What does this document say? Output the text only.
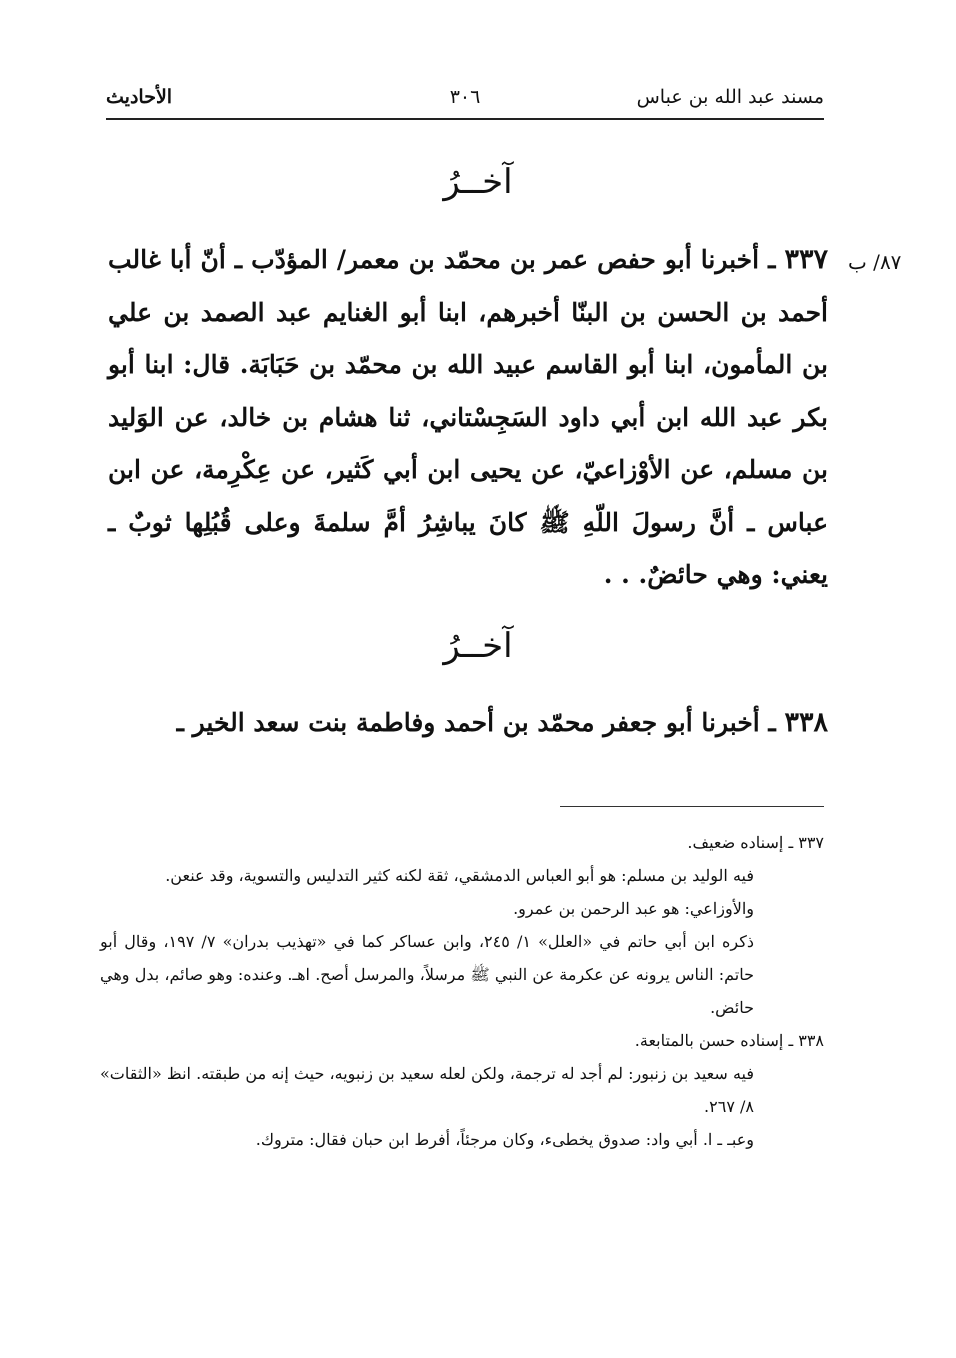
مسند عبد الله بن عباس
٣٠٦
الأحاديث
آخــرُ
٨٧/ ب
٣٣٧ ـ أخبرنا أبو حفص عمر بن محمّد بن معمر/ المؤدّب ـ أنّ أبا غالب أحمد بن الحسن بن البنّا أخبرهم، ابنا أبو الغنايم عبد الصمد بن علي بن المأمون، ابنا أبو القاسم عبيد الله بن محمّد بن حَبَابَة. قال: ابنا أبو بكر عبد الله ابن أبي داود السَجِسْتاني، ثنا هشام بن خالد، عن الوَليد بن مسلم، عن الأوْزاعيّ، عن يحيى ابن أبي كَثير، عن عِكْرِمة، عن ابن عباس ـ أنَّ رسولَ اللّهِ ﷺ كانَ يباشِرُ أمَّ سلمةَ وعلى قُبُلِها ثوبٌ ـ يعني: وهي حائضٌ. . .
آخــرُ
٣٣٨ ـ أخبرنا أبو جعفر محمّد بن أحمد وفاطمة بنت سعد الخير ـ

٣٣٧ ـ إسناده ضعيف.

فيه الوليد بن مسلم: هو أبو العباس الدمشقي، ثقة لكنه كثير التدليس والتسوية، وقد عنعن.

والأوزاعي: هو عبد الرحمن بن عمرو.

ذكره ابن أبي حاتم في «العلل» ١/ ٢٤٥، وابن عساكر كما في «تهذيب بدران» ٧/ ١٩٧، وقال أبو حاتم: الناس يرونه عن عكرمة عن النبي ﷺ مرسلاً، والمرسل أصح. اهـ. وعنده: وهو صائم، بدل وهي حائض.

٣٣٨ ـ إسناده حسن بالمتابعة.

فيه سعيد بن زنبور: لم أجد له ترجمة، ولكن لعله سعيد بن زنبويه، حيث إنه من طبقته. انظ «الثقات» ٨/ ٢٦٧.

وعبـ ـ ا. أبي واد: صدوق يخطىء، وكان مرجئاً، أفرط ابن حبان فقال: متروك.
